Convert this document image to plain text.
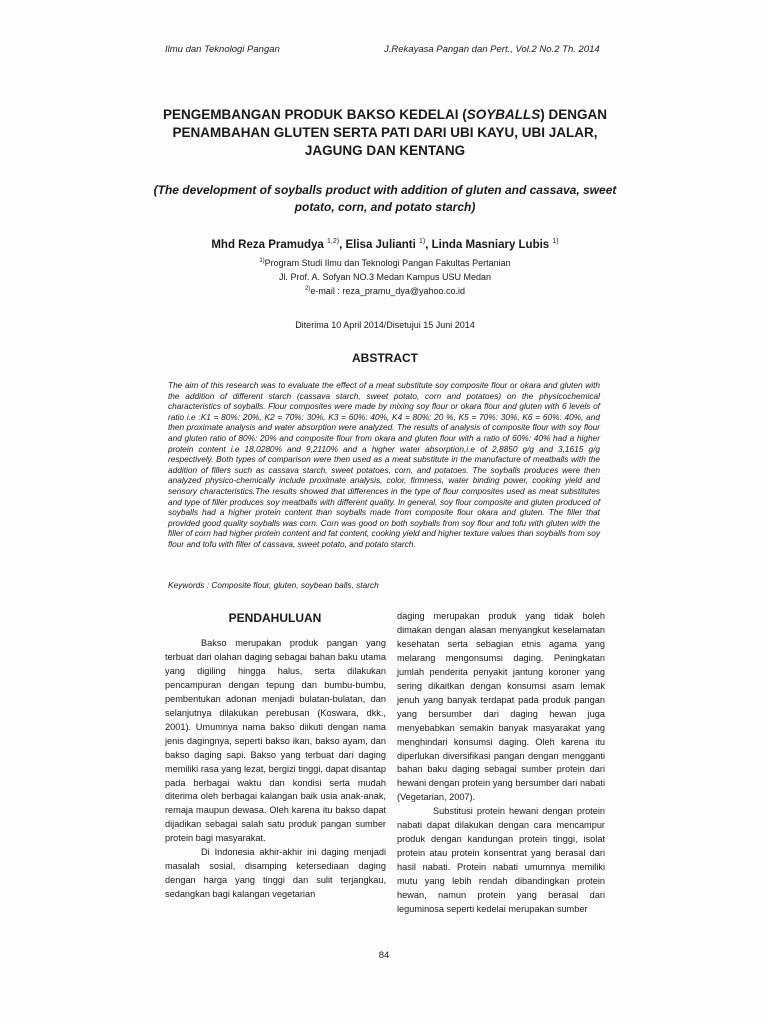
Ilmu dan Teknologi Pangan	J.Rekayasa Pangan dan Pert., Vol.2 No.2 Th. 2014
PENGEMBANGAN PRODUK BAKSO KEDELAI (SOYBALLS) DENGAN
PENAMBAHAN GLUTEN SERTA PATI DARI UBI KAYU, UBI JALAR,
JAGUNG DAN KENTANG
(The development of soyballs product with addition of gluten and cassava, sweet potato, corn, and potato starch)
Mhd Reza Pramudya $^{1,2)}$, Elisa Julianti $^{1)}$, Linda Masniary Lubis $^{1)}$
$^{1)}$Program Studi Ilmu dan Teknologi Pangan Fakultas Pertanian
Jl. Prof. A. Sofyan NO.3 Medan Kampus USU Medan
$^{2)}$e-mail : reza_pramu_dya@yahoo.co.id
Diterima 10 April 2014/Disetujui 15 Juni 2014
ABSTRACT

The aim of this research was to evaluate the effect of a meat substitute soy composite flour or okara and gluten with the addition of different starch (cassava starch, sweet potato, corn and potatoes) on the physicochemical characteristics of soyballs. Flour composites were made by mixing soy flour or okara flour and gluten with 6 levels of ratio i.e :K1 = 80%: 20%, K2 = 70%: 30%, K3 = 60%: 40%, K4 = 80%: 20 %, K5 = 70%: 30%, K6 = 60%: 40%, and then proximate analysis and water absorption were analyzed. The results of analysis of composite flour with soy flour and gluten ratio of 80%: 20% and composite flour from okara and gluten flour with a ratio of 60%: 40% had a higher protein content i.e 18,0280% and 9,2110% and a higher water absorption,i.e of 2,8850 g/g and 3,1615 g/g respectively. Both types of comparison were then used as a meat substitute in the manufacture of meatballs with the addition of fillers such as cassava starch, sweet potatoes, corn, and potatoes. The soyballs produces were then analyzed physico-chemically include proximate analysis, color, firmness, water binding power, cooking yield and sensory characteristics.The results showed that differences in the type of flour composites used as meat substitutes and type of filler produces soy meatballs with different quality. In general, soy flour composite and gluten produced of soyballs had a higher protein content than soyballs made from composite flour okara and gluten. The filler that provided good quality soyballs was corn. Corn was good on both soyballs from soy flour and tofu with gluten with the filler of corn had higher protein content and fat content, cooking yield and higher texture values than soyballs from soy flour and tofu with filler of cassava, sweet potato, and potato starch.

Keywords : Composite flour, gluten, soybean balls, starch
PENDAHULUAN

Bakso merupakan produk pangan yang terbuat dari olahan daging sebagai bahan baku utama yang digiling hingga halus, serta dilakukan pencampuran dengan tepung dan bumbu-bumbu, pembentukan adonan menjadi bulatan-bulatan, dan selanjutnya dilakukan perebusan (Koswara, dkk., 2001). Umumnya nama bakso diikuti dengan nama jenis dagingnya, seperti bakso ikan, bakso ayam, dan bakso daging sapi. Bakso yang terbuat dari daging memiliki rasa yang lezat, bergizi tinggi, dapat disantap pada berbagai waktu dan kondisi serta mudah diterima oleh berbagai kalangan baik usia anak-anak, remaja maupun dewasa. Oleh karena itu bakso dapat dijadikan sebagai salah satu produk pangan sumber protein bagi masyarakat.

Di Indonesia akhir-akhir ini daging menjadi masalah sosial, disamping ketersediaan daging dengan harga yang tinggi dan sulit terjangkau, sedangkan bagi kalangan vegetarian

daging merupakan produk yang tidak boleh dimakan dengan alasan menyangkut keselamatan kesehatan serta sebagian etnis agama yang melarang mengonsumsi daging. Peningkatan jumlah penderita penyakit jantung koroner yang sering dikaitkan dengan konsumsi asam lemak jenuh yang banyak terdapat pada produk pangan yang bersumber dari daging hewan juga menyebabkan semakin banyak masyarakat yang menghindari konsumsi daging. Oleh karena itu diperlukan diversifikasi pangan dengan mengganti bahan baku daging sebagai sumber protein dari hewani dengan protein yang bersumber dari nabati (Vegetarian, 2007).

Substitusi protein hewani dengan protein nabati dapat dilakukan dengan cara mencampur produk dengan kandungan protein tinggi, isolat protein atau protein konsentrat yang berasal dari hasil nabati. Protein nabati umumnya memiliki mutu yang lebih rendah dibandingkan protein hewan, namun protein yang berasal dari leguminosa seperti kedelai merupakan sumber

84
